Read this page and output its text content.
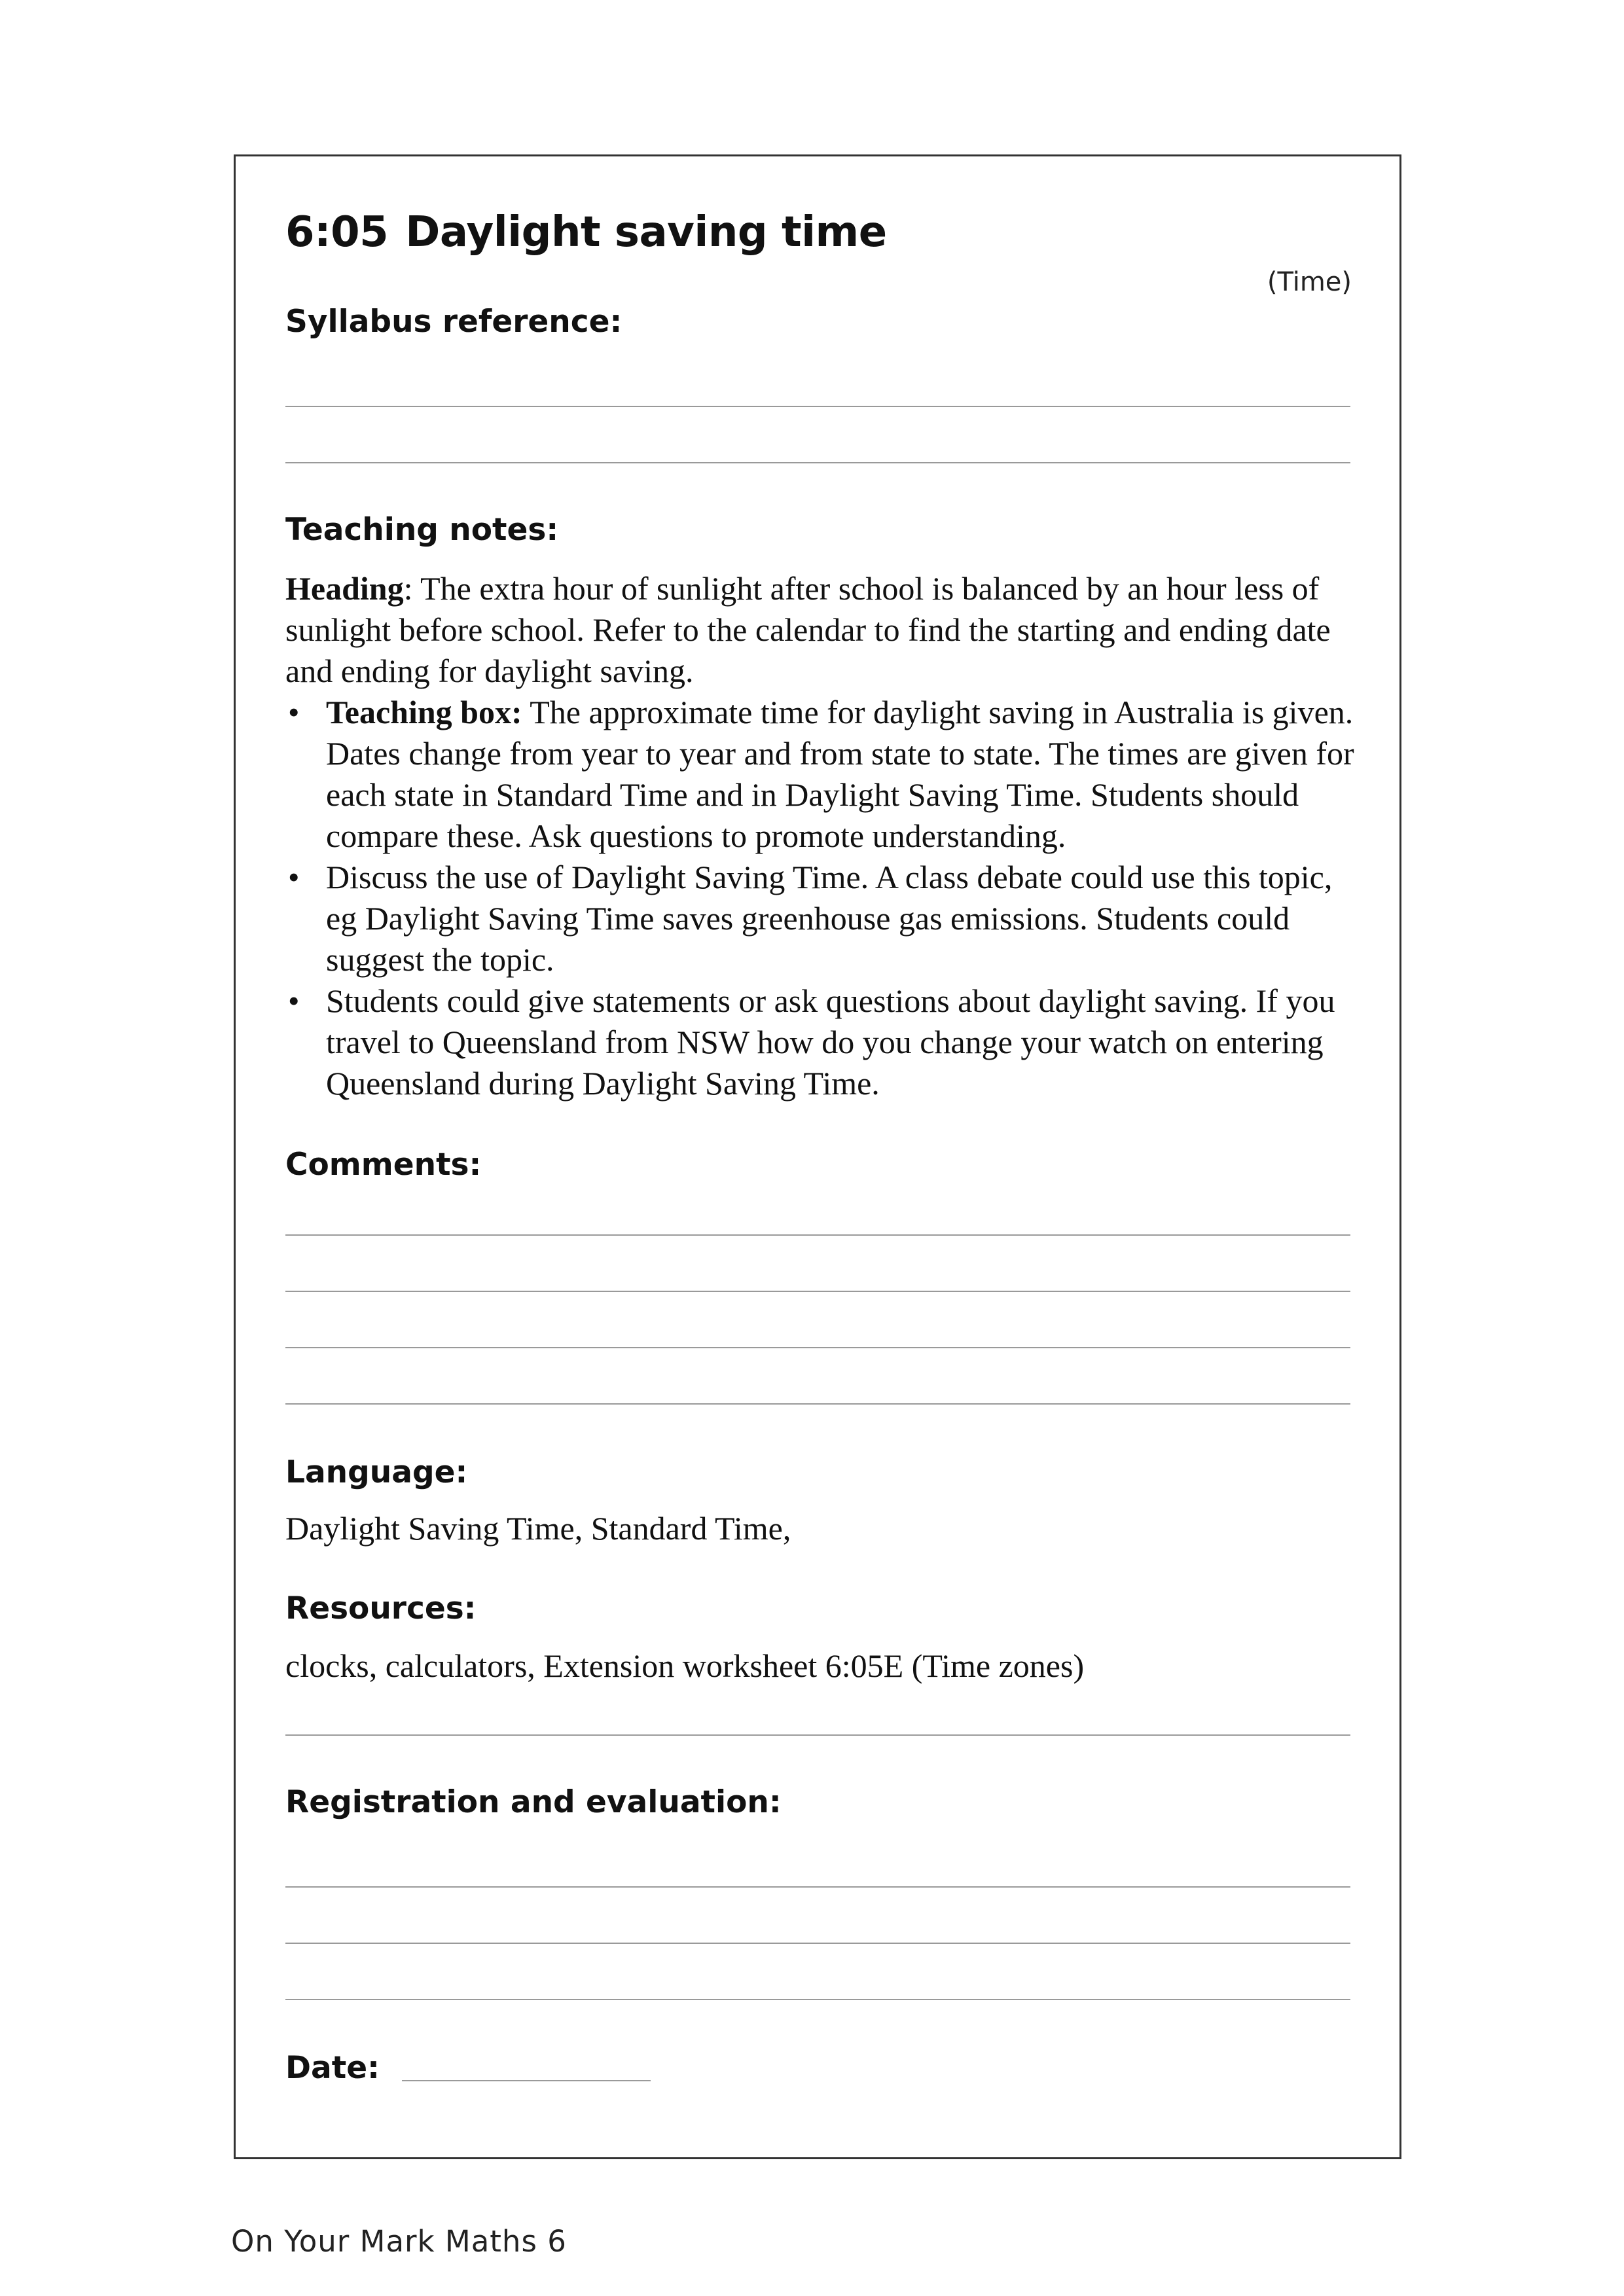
6:05 Daylight saving time
(Time)
Syllabus reference:
Teaching notes:

Heading: The extra hour of sunlight after school is balanced by an hour less of sunlight before school. Refer to the calendar to find the starting and ending date and ending for daylight saving.

• Teaching box: The approximate time for daylight saving in Australia is given. Dates change from year to year and from state to state. The times are given for each state in Standard Time and in Daylight Saving Time. Students should compare these. Ask questions to promote understanding.
• Discuss the use of Daylight Saving Time. A class debate could use this topic, eg Daylight Saving Time saves greenhouse gas emissions. Students could suggest the topic.
• Students could give statements or ask questions about daylight saving. If you travel to Queensland from NSW how do you change your watch on entering Queensland during Daylight Saving Time.
Comments:
Language:
Daylight Saving Time, Standard Time,
Resources:
clocks, calculators, Extension worksheet 6:05E (Time zones)
Registration and evaluation:
Date:
On Your Mark Maths 6
